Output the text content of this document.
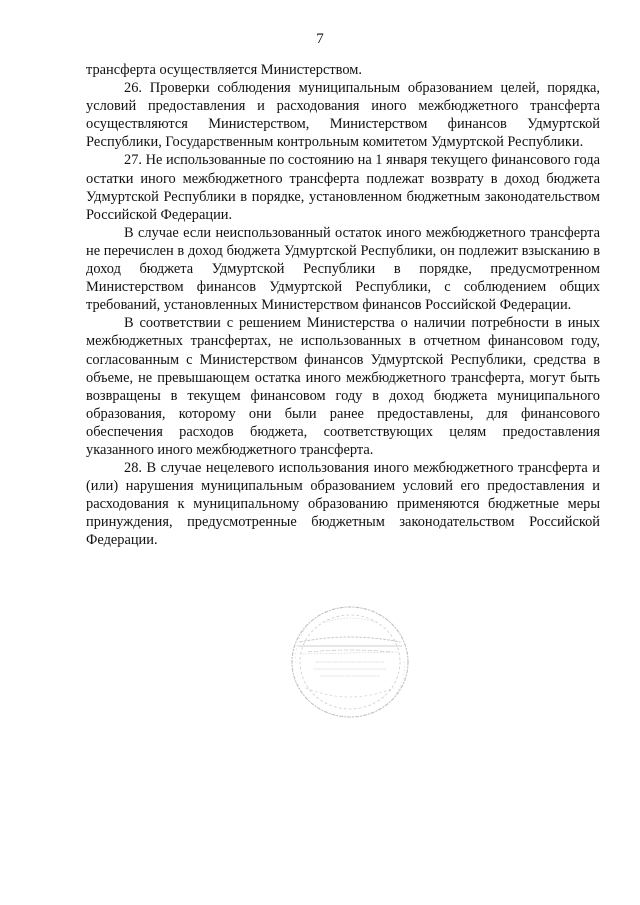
7

трансферта осуществляется Министерством.

26. Проверки соблюдения муниципальным образованием целей, порядка, условий предоставления и расходования иного межбюджетного трансферта осуществляются Министерством, Министерством финансов Удмуртской Республики, Государственным контрольным комитетом Удмуртской Республики.

27. Не использованные по состоянию на 1 января текущего финансового года остатки иного межбюджетного трансферта подлежат возврату в доход бюджета Удмуртской Республики в порядке, установленном бюджетным законодательством Российской Федерации.

В случае если неиспользованный остаток иного межбюджетного трансферта не перечислен в доход бюджета Удмуртской Республики, он подлежит взысканию в доход бюджета Удмуртской Республики в порядке, предусмотренном Министерством финансов Удмуртской Республики, с соблюдением общих требований, установленных Министерством финансов Российской Федерации.

В соответствии с решением Министерства о наличии потребности в иных межбюджетных трансфертах, не использованных в отчетном финансовом году, согласованным с Министерством финансов Удмуртской Республики, средства в объеме, не превышающем остатка иного межбюджетного трансферта, могут быть возвращены в текущем финансовом году в доход бюджета муниципального образования, которому они были ранее предоставлены, для финансового обеспечения расходов бюджета, соответствующих целям предоставления указанного иного межбюджетного трансферта.

28. В случае нецелевого использования иного межбюджетного трансферта и (или) нарушения муниципальным образованием условий его предоставления и расходования к муниципальному образованию применяются бюджетные меры принуждения, предусмотренные бюджетным законодательством Российской Федерации.
